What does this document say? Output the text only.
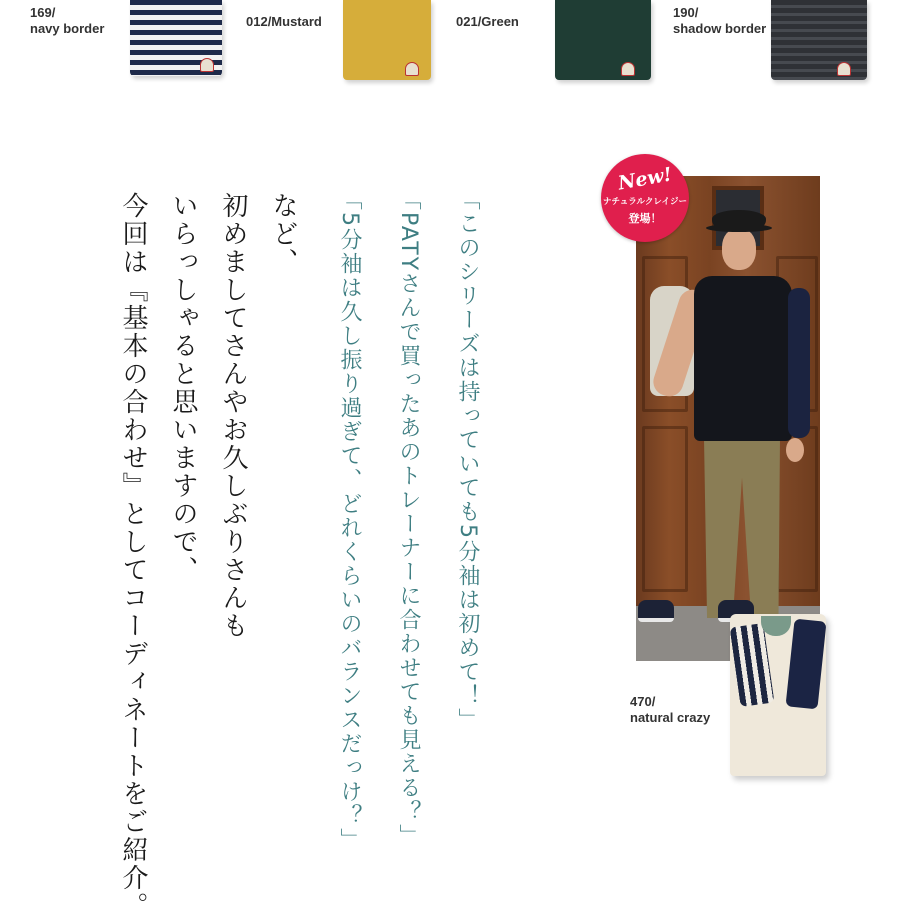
169/
navy border	012/Mustard	021/Green
190/
shadow border
「このシリーズは持っていても5分袖は初めて！」
「PATYさんで買ったあのトレーナーに合わせても見える？」
「5分袖は久し振り過ぎて、どれくらいのバランスだっけ？」
など、
初めましてさんやお久しぶりさんも
いらっしゃると思いますので、
今回は『基本の合わせ』としてコーディネートをご紹介。
New!
ナチュラルクレイジー
登場！
470/
natural crazy
